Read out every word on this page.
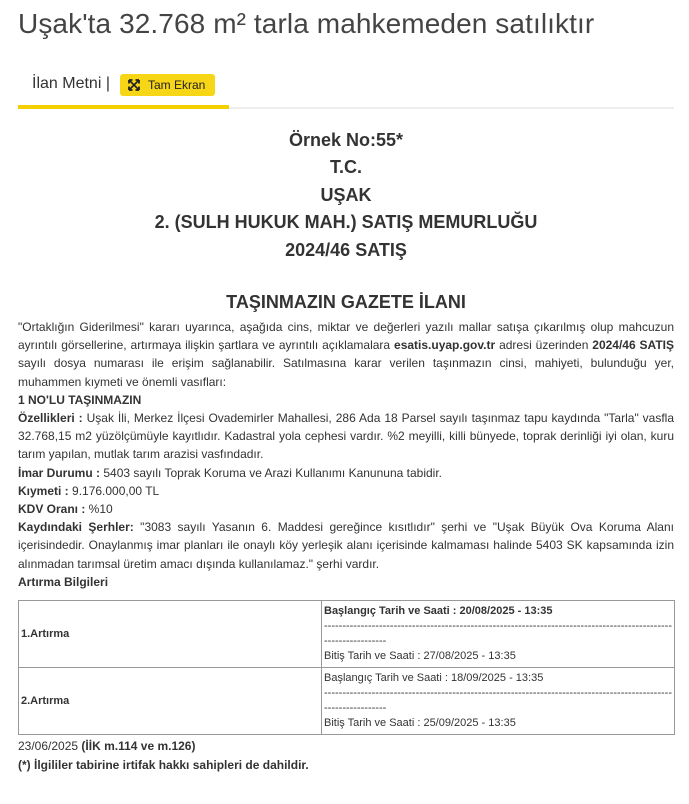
Uşak'ta 32.768 m² tarla mahkemeden satılıktır
İlan Metni |	Tam Ekran
Örnek No:55*
T.C.
UŞAK
2. (SULH HUKUK MAH.) SATIŞ MEMURLUĞU
2024/46 SATIŞ
TAŞINMAZIN GAZETE İLANI

"Ortaklığın Giderilmesi" kararı uyarınca, aşağıda cins, miktar ve değerleri yazılı mallar satışa çıkarılmış olup mahcuzun ayrıntılı görsellerine, artırmaya ilişkin şartlara ve ayrıntılı açıklamalara esatis.uyap.gov.tr adresi üzerinden 2024/46 SATIŞ sayılı dosya numarası ile erişim sağlanabilir. Satılmasına karar verilen taşınmazın cinsi, mahiyeti, bulunduğu yer, muhammen kıymeti ve önemli vasıfları:

1 NO'LU TAŞINMAZIN

Özellikleri : Uşak İli, Merkez İlçesi Ovademirler Mahallesi, 286 Ada 18 Parsel sayılı taşınmaz tapu kaydında "Tarla" vasfla 32.768,15 m2 yüzölçümüyle kayıtlıdır. Kadastral yola cephesi vardır. %2 meyilli, killi bünyede, toprak derinliği iyi olan, kuru tarım yapılan, mutlak tarım arazisi vasfındadır.

İmar Durumu : 5403 sayılı Toprak Koruma ve Arazi Kullanımı Kanununa tabidir.

Kıymeti : 9.176.000,00 TL

KDV Oranı : %10

Kaydındaki Şerhler: "3083 sayılı Yasanın 6. Maddesi gereğince kısıtlıdır" şerhi ve "Uşak Büyük Ova Koruma Alanı içerisindedir. Onaylanmış imar planları ile onaylı köy yerleşik alanı içerisinde kalmaması halinde 5403 SK kapsamında izin alınmadan tarımsal üretim amacı dışında kullanılamaz." şerhi vardır.

Artırma Bilgileri

1.Artırma	Başlangıç Tarih ve Saati : 20/08/2025 - 13:35
-----------------------------------------------------------------------------------------------
-----------------
Bitiş Tarih ve Saati : 27/08/2025 - 13:35

2.Artırma	Başlangıç Tarih ve Saati : 18/09/2025 - 13:35
-----------------------------------------------------------------------------------------------
-----------------
Bitiş Tarih ve Saati : 25/09/2025 - 13:35
23/06/2025 (İİK m.114 ve m.126)
(*) İlgililer tabirine irtifak hakkı sahipleri de dahildir.
